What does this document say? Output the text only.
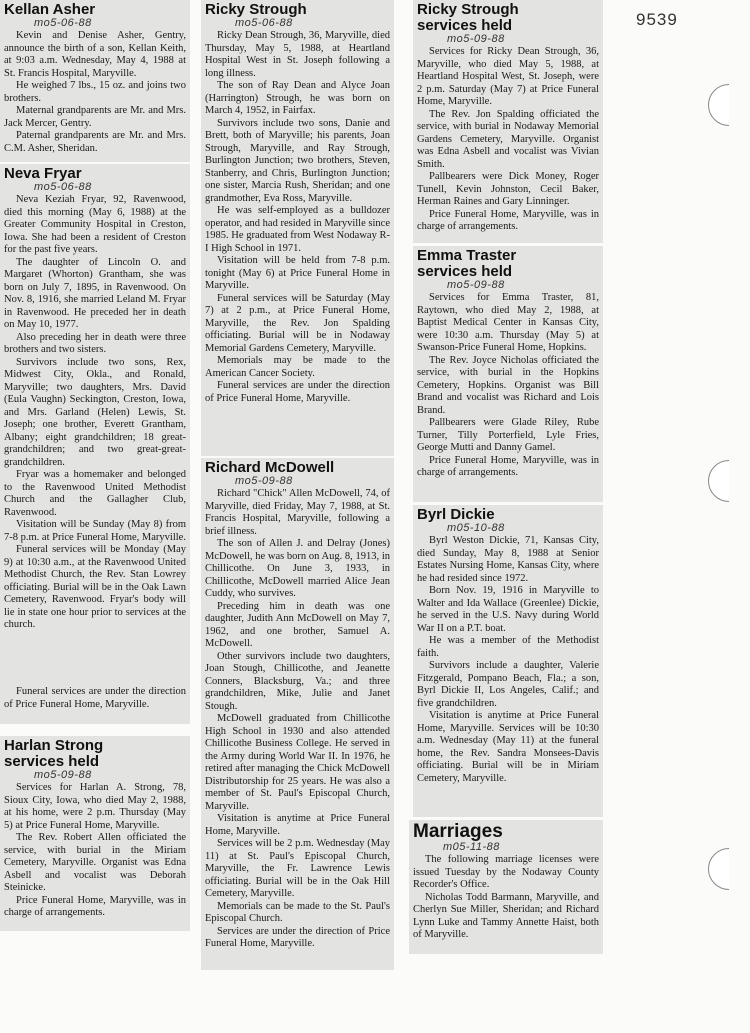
9539
Kellan Asher
mo5-06-88

Kevin and Denise Asher, Gentry, announce the birth of a son, Kellan Keith, at 9:03 a.m. Wednesday, May 4, 1988 at St. Francis Hospital, Maryville.

He weighed 7 lbs., 15 oz. and joins two brothers.

Maternal grandparents are Mr. and Mrs. Jack Mercer, Gentry.

Paternal grandparents are Mr. and Mrs. C.M. Asher, Sheridan.

Neva Fryar
mo5-06-88

Neva Keziah Fryar, 92, Ravenwood, died this morning (May 6, 1988) at the Greater Community Hospital in Creston, Iowa. She had been a resident of Creston for the past five years.

The daughter of Lincoln O. and Margaret (Whorton) Grantham, she was born on July 7, 1895, in Ravenwood. On Nov. 8, 1916, she married Leland M. Fryar in Ravenwood. He preceded her in death on May 10, 1977.

Also preceding her in death were three brothers and two sisters.

Survivors include two sons, Rex, Midwest City, Okla., and Ronald, Maryville; two daughters, Mrs. David (Eula Vaughn) Seckington, Creston, Iowa, and Mrs. Garland (Helen) Lewis, St. Joseph; one brother, Everett Grantham, Albany; eight grandchildren; 18 great-grandchildren; and two great-great-grandchildren.

Fryar was a homemaker and belonged to the Ravenwood United Methodist Church and the Gallagher Club, Ravenwood.

Visitation will be Sunday (May 8) from 7-8 p.m. at Price Funeral Home, Maryville.

Funeral services will be Monday (May 9) at 10:30 a.m., at the Ravenwood United Methodist Church, the Rev. Stan Lowrey officiating. Burial will be in the Oak Lawn Cemetery, Ravenwood. Fryar's body will lie in state one hour prior to services at the church.

Funeral services are under the direction of Price Funeral Home, Maryville.

Harlan Strong
services held
mo5-09-88

Services for Harlan A. Strong, 78, Sioux City, Iowa, who died May 2, 1988, at his home, were 2 p.m. Thursday (May 5) at Price Funeral Home, Maryville.

The Rev. Robert Allen officiated the service, with burial in the Miriam Cemetery, Maryville. Organist was Edna Asbell and vocalist was Deborah Steinicke.

Price Funeral Home, Maryville, was in charge of arrangements.

Ricky Strough
mo5-06-88

Ricky Dean Strough, 36, Maryville, died Thursday, May 5, 1988, at Heartland Hospital West in St. Joseph following a long illness.

The son of Ray Dean and Alyce Joan (Harrington) Strough, he was born on March 4, 1952, in Fairfax.

Survivors include two sons, Danie and Brett, both of Maryville; his parents, Joan Strough, Maryville, and Ray Strough, Burlington Junction; two brothers, Steven, Stanberry, and Chris, Burlington Junction; one sister, Marcia Rush, Sheridan; and one grandmother, Eva Ross, Maryville.

He was self-employed as a bulldozer operator, and had resided in Maryville since 1985. He graduated from West Nodaway R-I High School in 1971.

Visitation will be held from 7-8 p.m. tonight (May 6) at Price Funeral Home in Maryville.

Funeral services will be Saturday (May 7) at 2 p.m., at Price Funeral Home, Maryville, the Rev. Jon Spalding officiating. Burial will be in Nodaway Memorial Gardens Cemetery, Maryville.

Memorials may be made to the American Cancer Society.

Funeral services are under the direction of Price Funeral Home, Maryville.

Richard McDowell
mo5-09-88

Richard "Chick" Allen McDowell, 74, of Maryville, died Friday, May 7, 1988, at St. Francis Hospital, Maryville, following a brief illness.

The son of Allen J. and Delray (Jones) McDowell, he was born on Aug. 8, 1913, in Chillicothe. On June 3, 1933, in Chillicothe, McDowell married Alice Jean Cuddy, who survives.

Preceding him in death was one daughter, Judith Ann McDowell on May 7, 1962, and one brother, Samuel A. McDowell.

Other survivors include two daughters, Joan Stough, Chillicothe, and Jeanette Conners, Blacksburg, Va.; and three grandchildren, Mike, Julie and Janet Stough.

McDowell graduated from Chillicothe High School in 1930 and also attended Chillicothe Business College. He served in the Army during World War II. In 1976, he retired after managing the Chick McDowell Distributorship for 25 years. He was also a member of St. Paul's Episcopal Church, Maryville.

Visitation is anytime at Price Funeral Home, Maryville.

Services will be 2 p.m. Wednesday (May 11) at St. Paul's Episcopal Church, Maryville, the Fr. Lawrence Lewis officiating. Burial will be in the Oak Hill Cemetery, Maryville.

Memorials can be made to the St. Paul's Episcopal Church.

Services are under the direction of Price Funeral Home, Maryville.

Ricky Strough
services held
mo5-09-88

Services for Ricky Dean Strough, 36, Maryville, who died May 5, 1988, at Heartland Hospital West, St. Joseph, were 2 p.m. Saturday (May 7) at Price Funeral Home, Maryville.

The Rev. Jon Spalding officiated the service, with burial in Nodaway Memorial Gardens Cemetery, Maryville. Organist was Edna Asbell and vocalist was Vivian Smith.

Pallbearers were Dick Money, Roger Tunell, Kevin Johnston, Cecil Baker, Herman Raines and Gary Linninger.

Price Funeral Home, Maryville, was in charge of arrangements.

Emma Traster
services held
mo5-09-88

Services for Emma Traster, 81, Raytown, who died May 2, 1988, at Baptist Medical Center in Kansas City, were 10:30 a.m. Thursday (May 5) at Swanson-Price Funeral Home, Hopkins.

The Rev. Joyce Nicholas officiated the service, with burial in the Hopkins Cemetery, Hopkins. Organist was Bill Brand and vocalist was Richard and Lois Brand.

Pallbearers were Glade Riley, Rube Turner, Tilly Porterfield, Lyle Fries, George Mutti and Danny Gamel.

Price Funeral Home, Maryville, was in charge of arrangements.

Byrl Dickie
m05-10-88

Byrl Weston Dickie, 71, Kansas City, died Sunday, May 8, 1988 at Senior Estates Nursing Home, Kansas City, where he had resided since 1972.

Born Nov. 19, 1916 in Maryville to Walter and Ida Wallace (Greenlee) Dickie, he served in the U.S. Navy during World War II on a P.T. boat.

He was a member of the Methodist faith.

Survivors include a daughter, Valerie Fitzgerald, Pompano Beach, Fla.; a son, Byrl Dickie II, Los Angeles, Calif.; and five grandchildren.

Visitation is anytime at Price Funeral Home, Maryville. Services will be 10:30 a.m. Wednesday (May 11) at the funeral home, the Rev. Sandra Monsees-Davis officiating. Burial will be in Miriam Cemetery, Maryville.

Marriages
m05-11-88

The following marriage licenses were issued Tuesday by the Nodaway County Recorder's Office.

Nicholas Todd Barmann, Maryville, and Cherlyn Sue Miller, Sheridan; and Richard Lynn Luke and Tammy Annette Haist, both of Maryville.
